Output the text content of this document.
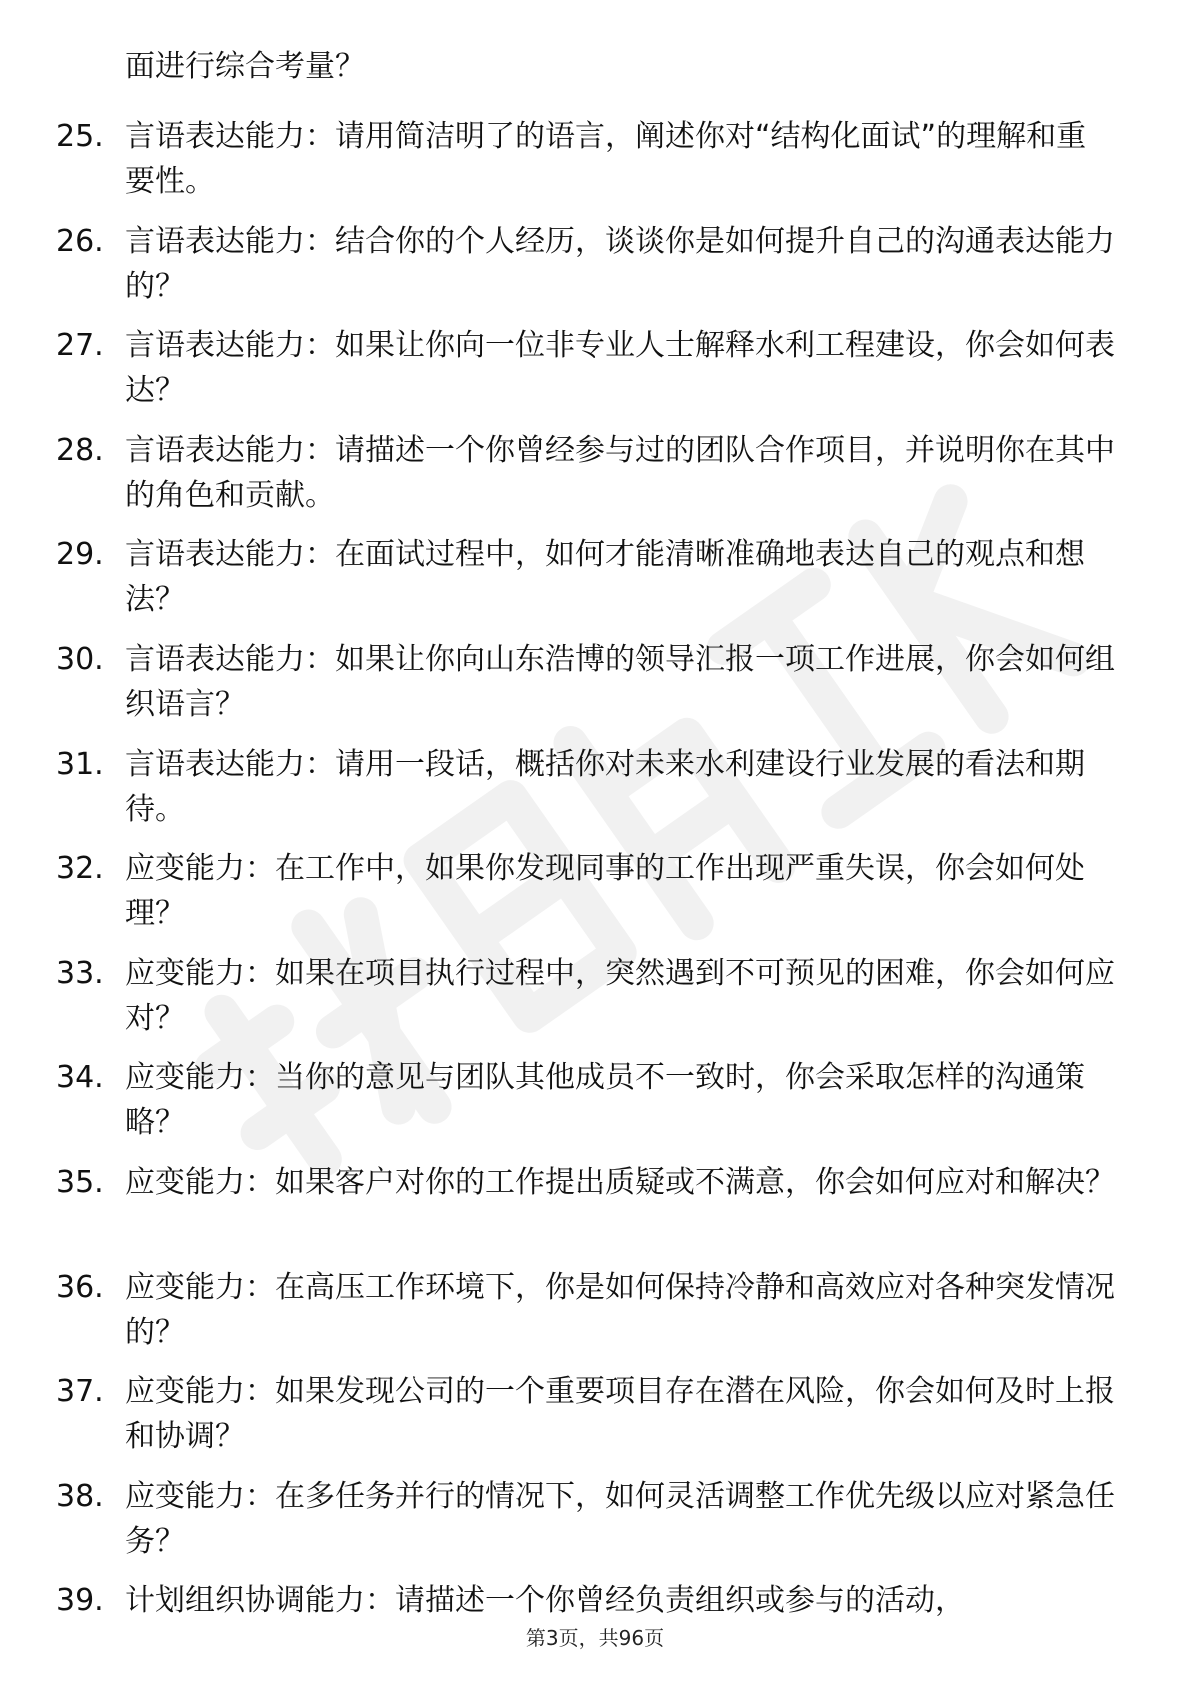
面进行综合考量？
25. 言语表达能力：请用简洁明了的语言，阐述你对“结构化面试”的理解和重要性。
26. 言语表达能力：结合你的个人经历，谈谈你是如何提升自己的沟通表达能力的？
27. 言语表达能力：如果让你向一位非专业人士解释水利工程建设，你会如何表达？
28. 言语表达能力：请描述一个你曾经参与过的团队合作项目，并说明你在其中的角色和贡献。
29. 言语表达能力：在面试过程中，如何才能清晰准确地表达自己的观点和想法？
30. 言语表达能力：如果让你向山东浩博的领导汇报一项工作进展，你会如何组织语言？
31. 言语表达能力：请用一段话，概括你对未来水利建设行业发展的看法和期待。
32. 应变能力：在工作中，如果你发现同事的工作出现严重失误，你会如何处理？
33. 应变能力：如果在项目执行过程中，突然遇到不可预见的困难，你会如何应对？
34. 应变能力：当你的意见与团队其他成员不一致时，你会采取怎样的沟通策略？
35. 应变能力：如果客户对你的工作提出质疑或不满意，你会如何应对和解决？
36. 应变能力：在高压工作环境下，你是如何保持冷静和高效应对各种突发情况的？
37. 应变能力：如果发现公司的一个重要项目存在潜在风险，你会如何及时上报和协调？
38. 应变能力：在多任务并行的情况下，如何灵活调整工作优先级以应对紧急任务？
39. 计划组织协调能力：请描述一个你曾经负责组织或参与的活动，
第3页，共96页
